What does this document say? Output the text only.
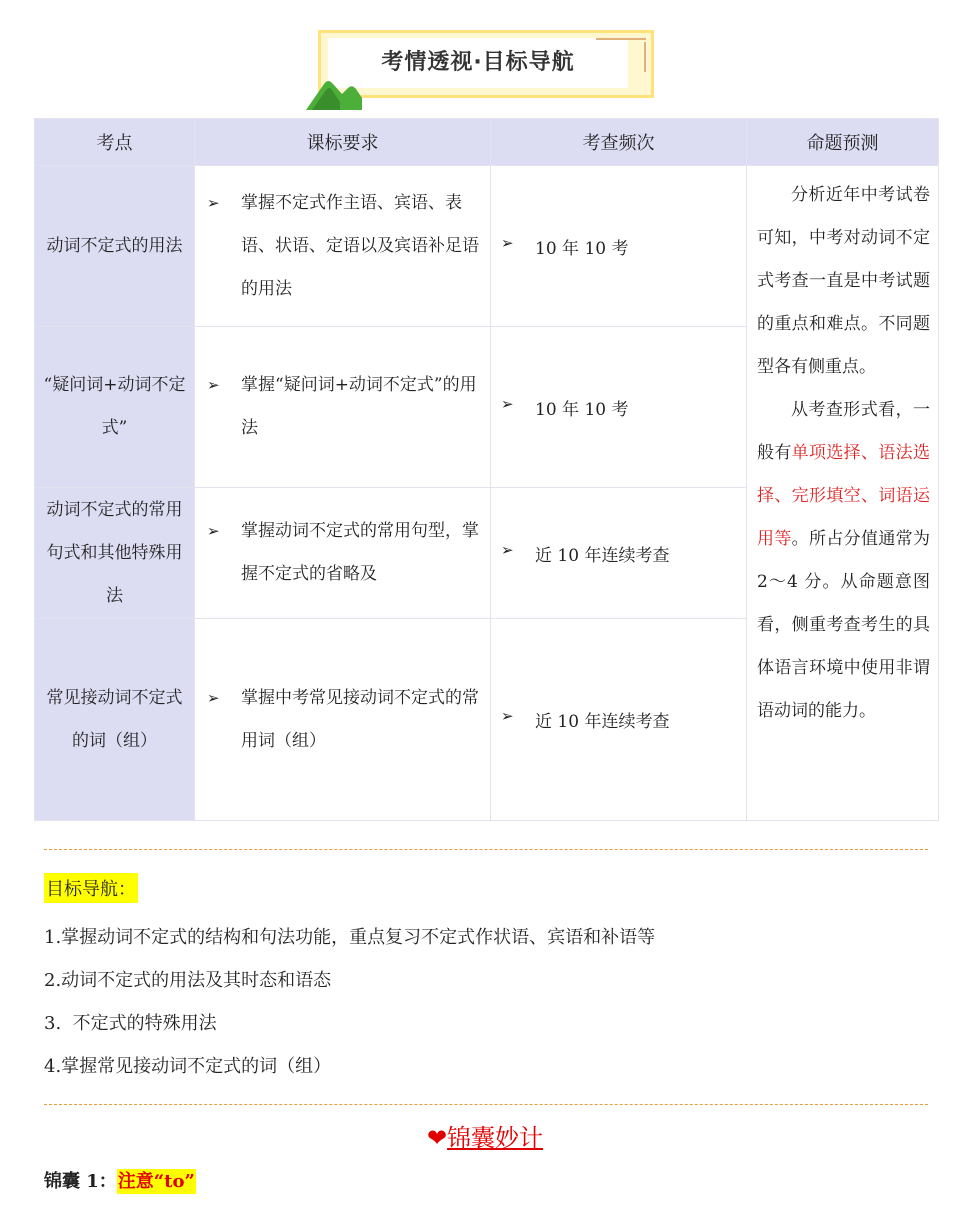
考情透视·目标导航
考点	课标要求	考查频次	命题预测
动词不定式的用法	➢ 掌握不定式作主语、宾语、表语、状语、定语以及宾语补足语的用法	➢ 10 年 10 考	分析近年中考试卷可知，中考对动词不定式考查一直是中考试题的重点和难点。不同题型各有侧重点。
从考查形式看，一般有单项选择、语法选择、完形填空、词语运用等。所占分值通常为 2～4 分。从命题意图看，侧重考查考生的具体语言环境中使用非谓语动词的能力。

“疑问词+动词不定式”	➢ 掌握“疑问词+动词不定式”的用法	➢ 10 年 10 考	

动词不定式的常用句式和其他特殊用法	➢ 掌握动词不定式的常用句型，掌握不定式的省略及	➢ 近 10 年连续考查	

常见接动词不定式的词（组）	➢ 掌握中考常见接动词不定式的常用词（组）	➢ 近 10 年连续考查	
目标导航：
1.掌握动词不定式的结构和句法功能，重点复习不定式作状语、宾语和补语等
2.动词不定式的用法及其时态和语态
3.  不定式的特殊用法
4.掌握常见接动词不定式的词（组）
❤锦囊妙计
锦囊 1：注意“to”
